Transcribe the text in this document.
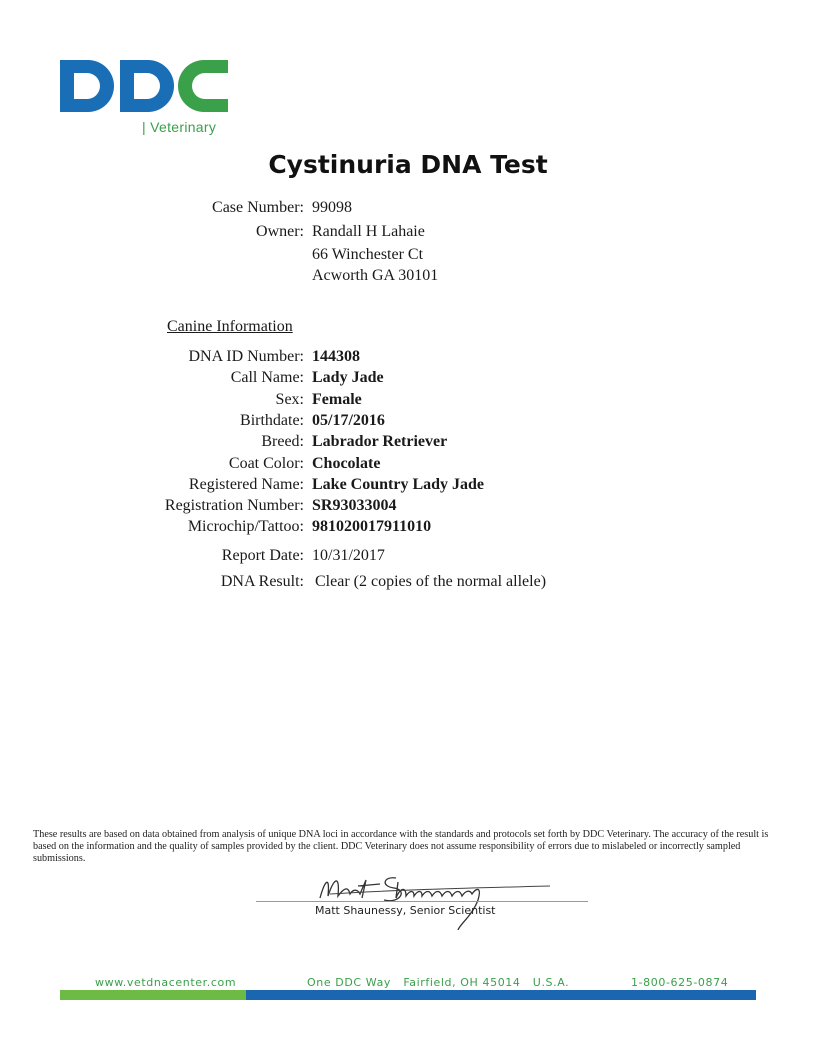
| Veterinary
Cystinuria DNA Test
Case Number: 99098
Owner: Randall H Lahaie
66 Winchester Ct
Acworth GA 30101
Canine Information
DNA ID Number: 144308
Call Name: Lady Jade
Sex: Female
Birthdate: 05/17/2016
Breed: Labrador Retriever
Coat Color: Chocolate
Registered Name: Lake Country Lady Jade
Registration Number: SR93033004
Microchip/Tattoo: 981020017911010
Report Date: 10/31/2017
DNA Result: Clear (2 copies of the normal allele)
These results are based on data obtained from analysis of unique DNA loci in accordance with the standards and protocols set forth by DDC Veterinary. The accuracy of the result is based on the information and the quality of samples provided by the client. DDC Veterinary does not assume responsibility of errors due to mislabeled or incorrectly sampled submissions.
Matt Shaunessy, Senior Scientist
www.vetdnacenter.com	One DDC Way   Fairfield, OH 45014   U.S.A.	1-800-625-0874
